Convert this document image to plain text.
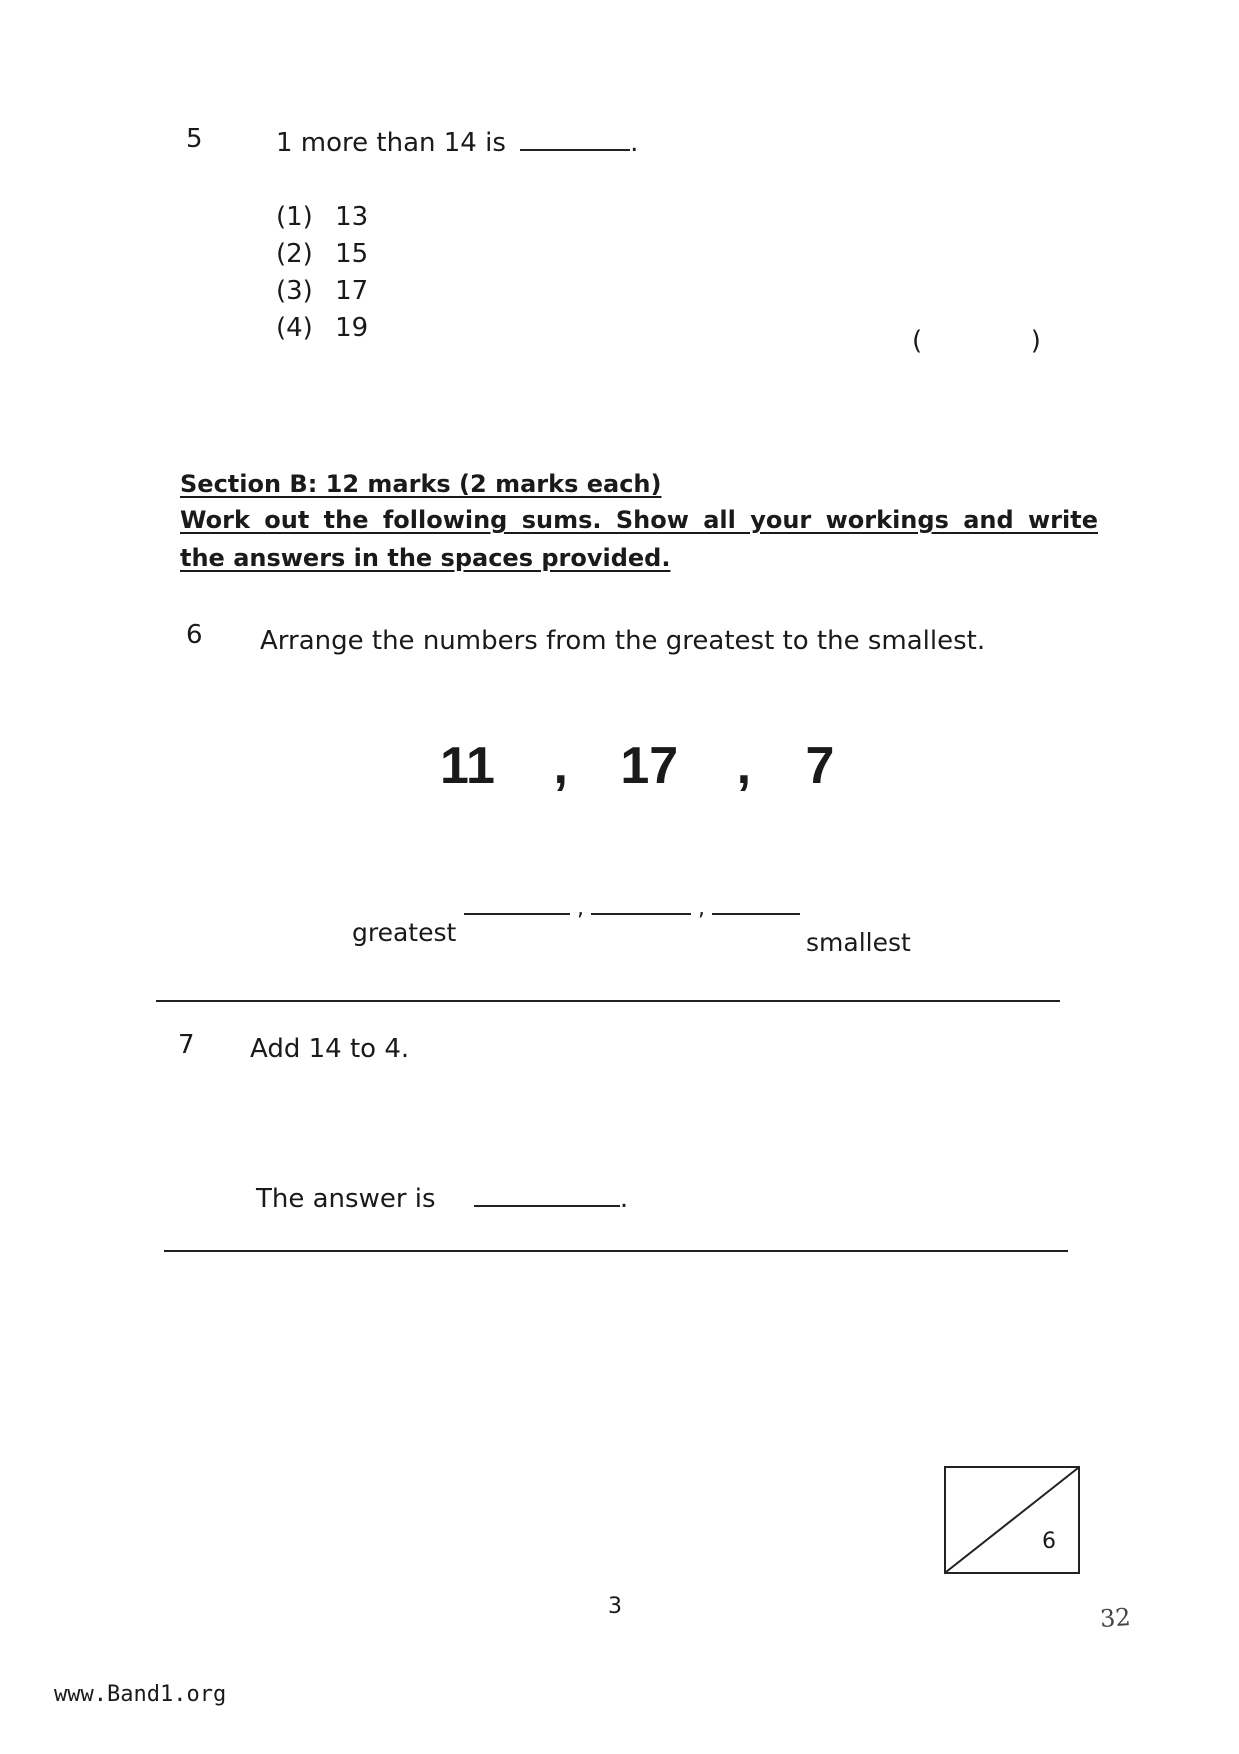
5	1 more than 14 is	.
(1) 13
(2) 15
(3) 17
(4) 19	(	)
Section B: 12 marks (2 marks each)
Work out the following sums. Show all your workings and write
the answers in the spaces provided.
6 Arrange the numbers from the greatest to the smallest.
11 , 17 , 7
,	,
greatest	smallest
7 Add 14 to 4.
The answer is	.
6
3	32
www.Band1.org
